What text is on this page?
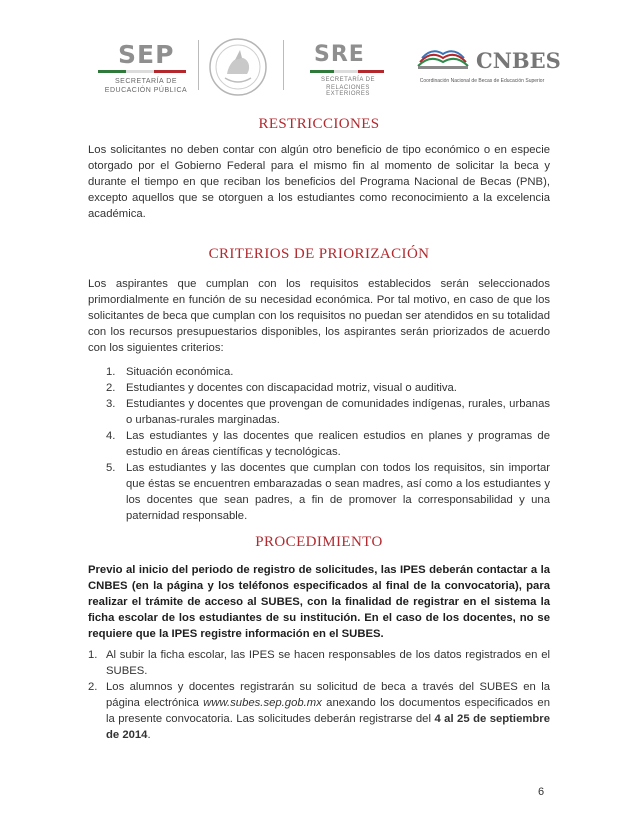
SEP
SECRETARÍA DE
EDUCACIÓN PÚBLICA
SRE
SECRETARÍA DE
RELACIONES EXTERIORES
CNBES
Coordinación Nacional de Becas de Educación Superior
RESTRICCIONES

Los solicitantes no deben contar con algún otro beneficio de tipo económico o en especie otorgado por el Gobierno Federal para el mismo fin al momento de solicitar la beca y durante el tiempo en que reciban los beneficios del Programa Nacional de Becas (PNB), excepto aquellos que se otorguen a los estudiantes como reconocimiento a la excelencia académica.

CRITERIOS DE PRIORIZACIÓN

Los aspirantes que cumplan con los requisitos establecidos serán seleccionados primordialmente en función de su necesidad económica. Por tal motivo, en caso de que los solicitantes de beca que cumplan con los requisitos no puedan ser atendidos en su totalidad con los recursos presupuestarios disponibles, los aspirantes serán priorizados de acuerdo con los siguientes criterios:

1. Situación económica.
2. Estudiantes y docentes con discapacidad motriz, visual o auditiva.
3. Estudiantes y docentes que provengan de comunidades indígenas, rurales, urbanas o urbanas-rurales marginadas.
4. Las estudiantes y las docentes que realicen estudios en planes y programas de estudio en áreas científicas y tecnológicas.
5. Las estudiantes y las docentes que cumplan con todos los requisitos, sin importar que éstas se encuentren embarazadas o sean madres, así como a los estudiantes y los docentes que sean padres, a fin de promover la corresponsabilidad y una paternidad responsable.
PROCEDIMIENTO

Previo al inicio del periodo de registro de solicitudes, las IPES deberán contactar a la CNBES (en la página y los teléfonos especificados al final de la convocatoria), para realizar el trámite de acceso al SUBES, con la finalidad de registrar en el sistema la ficha escolar de los estudiantes de su institución. En el caso de los docentes, no se requiere que la IPES registre información en el SUBES.

1. Al subir la ficha escolar, las IPES se hacen responsables de los datos registrados en el SUBES.
2. Los alumnos y docentes registrarán su solicitud de beca a través del SUBES en la página electrónica www.subes.sep.gob.mx anexando los documentos especificados en la presente convocatoria. Las solicitudes deberán registrarse del 4 al 25 de septiembre de 2014.
6
